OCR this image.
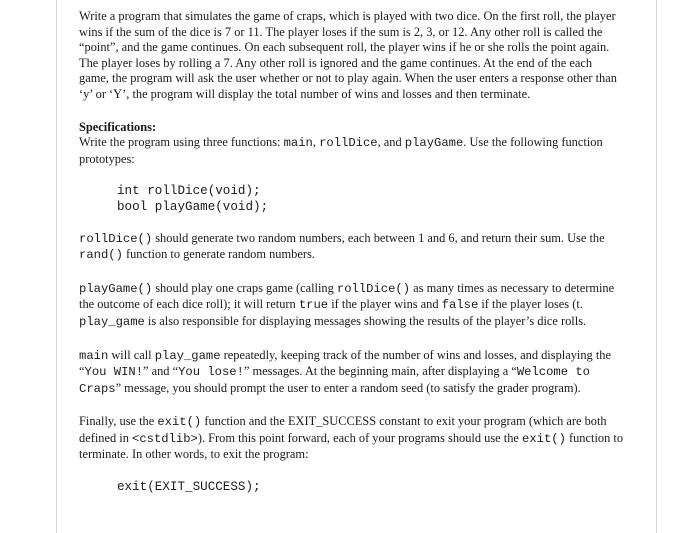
Write a program that simulates the game of craps, which is played with two dice. On the first roll, the player wins if the sum of the dice is 7 or 11. The player loses if the sum is 2, 3, or 12. Any other roll is called the “point”, and the game continues. On each subsequent roll, the player wins if he or she rolls the point again. The player loses by rolling a 7. Any other roll is ignored and the game continues. At the end of the each game, the program will ask the user whether or not to play again. When the user enters a response other than ‘y’ or ‘Y’, the program will display the total number of wins and losses and then terminate.

Specifications:
Write the program using three functions: main, rollDice, and playGame. Use the following function prototypes:

int rollDice(void);
bool playGame(void);

rollDice() should generate two random numbers, each between 1 and 6, and return their sum. Use the rand() function to generate random numbers.

playGame() should play one craps game (calling rollDice() as many times as necessary to determine the outcome of each dice roll); it will return true if the player wins and false if the player loses (t. play_game is also responsible for displaying messages showing the results of the player’s dice rolls.

main will call play_game repeatedly, keeping track of the number of wins and losses, and displaying the “You WIN!” and “You lose!” messages. At the beginning main, after displaying a “Welcome to Craps” message, you should prompt the user to enter a random seed (to satisfy the grader program).

Finally, use the exit() function and the EXIT_SUCCESS constant to exit your program (which are both defined in <cstdlib>). From this point forward, each of your programs should use the exit() function to terminate. In other words, to exit the program:

exit(EXIT_SUCCESS);
